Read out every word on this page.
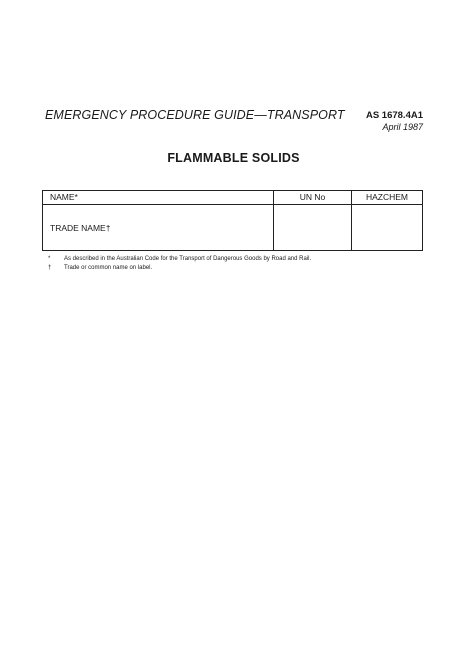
EMERGENCY PROCEDURE GUIDE—TRANSPORT AS 1678.4A1
April 1987
FLAMMABLE SOLIDS
NAME*	UN No	HAZCHEM

TRADE NAME†		

*	As described in the Australian Code for the Transport of Dangerous Goods by Road and Rail.
†	Trade or common name on label.
